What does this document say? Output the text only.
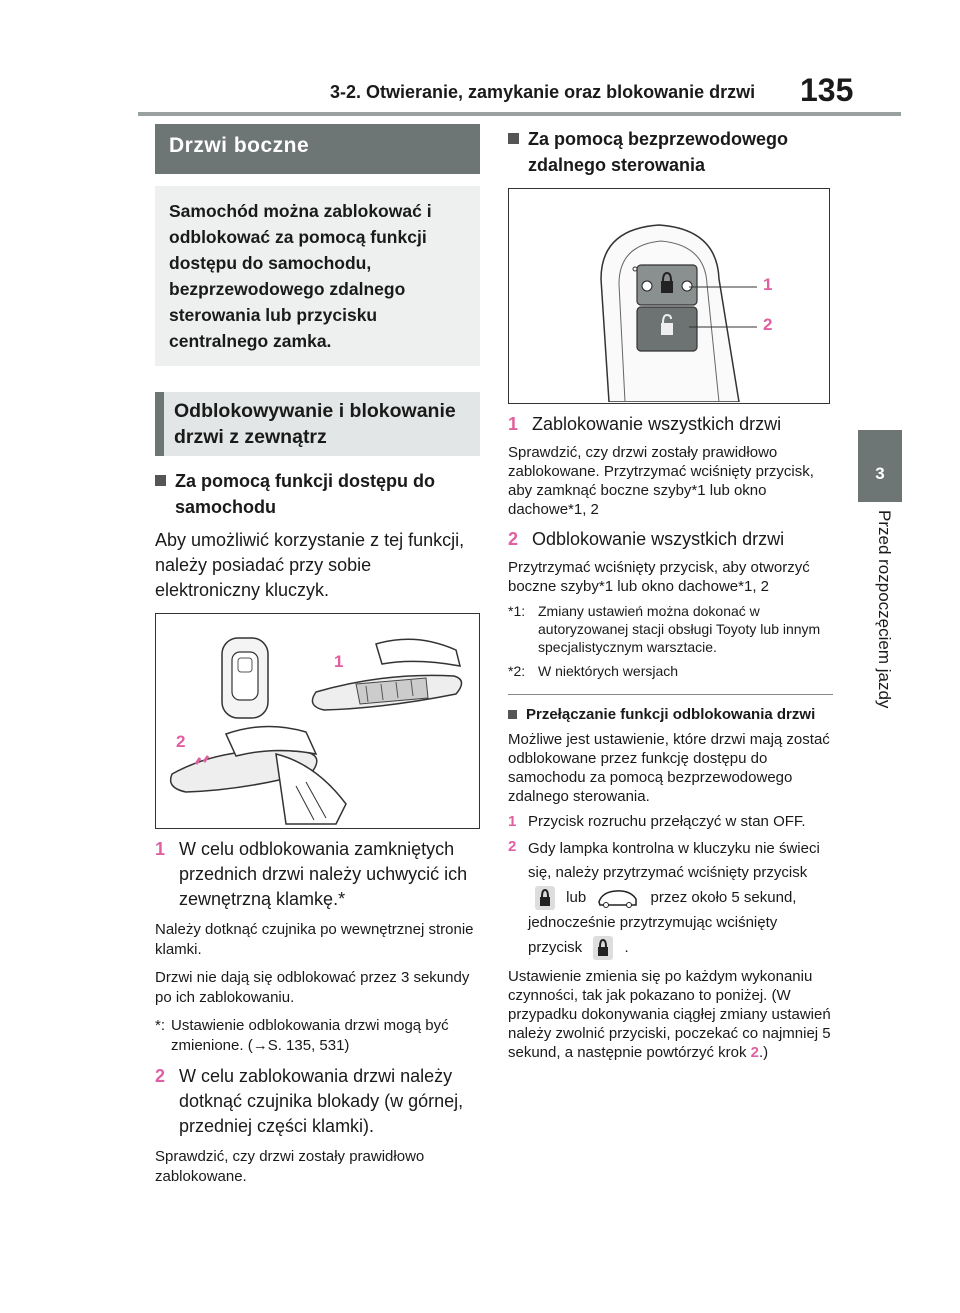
3-2. Otwieranie, zamykanie oraz blokowanie drzwi 135
3
Przed rozpoczęciem jazdy
Drzwi boczne
Samochód można zablokować i odblokować za pomocą funkcji dostępu do samochodu, bezprzewodowego zdalnego sterowania lub przycisku centralnego zamka.
Odblokowywanie i blokowanie drzwi z zewnątrz
Za pomocą funkcji dostępu do samochodu
Aby umożliwić korzystanie z tej funkcji, należy posiadać przy sobie elektroniczny kluczyk.
1
2
1 W celu odblokowania zamkniętych przednich drzwi należy uchwycić ich zewnętrzną klamkę.*
Należy dotknąć czujnika po wewnętrznej stronie klamki.
Drzwi nie dają się odblokować przez 3 sekundy po ich zablokowaniu.
*: Ustawienie odblokowania drzwi mogą być zmienione. (→S. 135, 531)
2 W celu zablokowania drzwi należy dotknąć czujnika blokady (w górnej, przedniej części klamki).
Sprawdzić, czy drzwi zostały prawidłowo zablokowane.
Za pomocą bezprzewodowego zdalnego sterowania
1
2
1 Zablokowanie wszystkich drzwi
Sprawdzić, czy drzwi zostały prawidłowo zablokowane. Przytrzymać wciśnięty przycisk, aby zamknąć boczne szyby*1 lub okno dachowe*1, 2
2 Odblokowanie wszystkich drzwi
Przytrzymać wciśnięty przycisk, aby otworzyć boczne szyby*1 lub okno dachowe*1, 2
*1: Zmiany ustawień można dokonać w autoryzowanej stacji obsługi Toyoty lub innym specjalistycznym warsztacie.
*2: W niektórych wersjach
Przełączanie funkcji odblokowania drzwi
Możliwe jest ustawienie, które drzwi mają zostać odblokowane przez funkcję dostępu do samochodu za pomocą bezprzewodowego zdalnego sterowania.
1 Przycisk rozruchu przełączyć w stan OFF.
2 Gdy lampka kontrolna w kluczyku nie świeci się, należy przytrzymać wciśnięty przycisk  lub	przez około 5 sekund, jednocześnie przytrzymując wciśnięty przycisk	.
Ustawienie zmienia się po każdym wykonaniu czynności, tak jak pokazano to poniżej. (W przypadku dokonywania ciągłej zmiany ustawień należy zwolnić przyciski, poczekać co najmniej 5 sekund, a następnie powtórzyć krok 2.)
